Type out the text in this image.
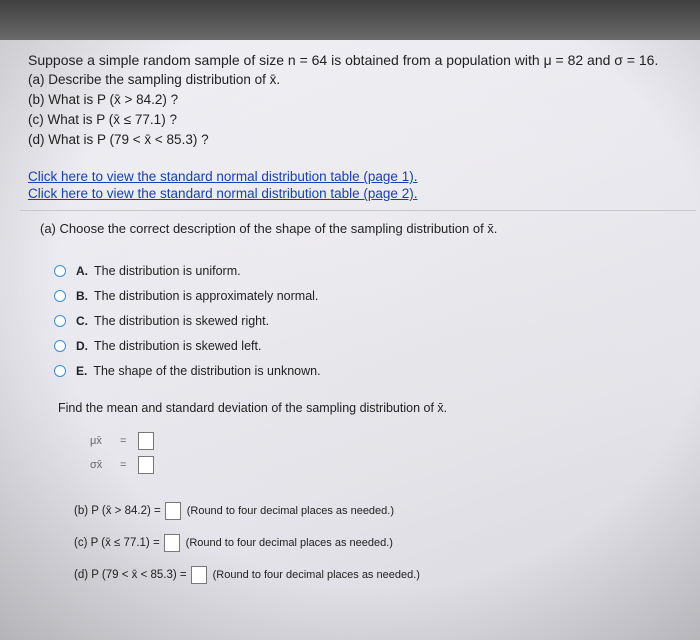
Suppose a simple random sample of size n = 64 is obtained from a population with μ = 82 and σ = 16.
(a) Describe the sampling distribution of x̄.
(b) What is P (x̄ > 84.2) ?
(c) What is P (x̄ ≤ 77.1) ?
(d) What is P (79 < x̄ < 85.3) ?
Click here to view the standard normal distribution table (page 1).
Click here to view the standard normal distribution table (page 2).
(a) Choose the correct description of the shape of the sampling distribution of x̄.
A. The distribution is uniform.
B. The distribution is approximately normal.
C. The distribution is skewed right.
D. The distribution is skewed left.
E. The shape of the distribution is unknown.
Find the mean and standard deviation of the sampling distribution of x̄.
μx̄	=
σx̄	=
(b) P (x̄ > 84.2) = (Round to four decimal places as needed.)
(c) P (x̄ ≤ 77.1) = (Round to four decimal places as needed.)
(d) P (79 < x̄ < 85.3) = (Round to four decimal places as needed.)
